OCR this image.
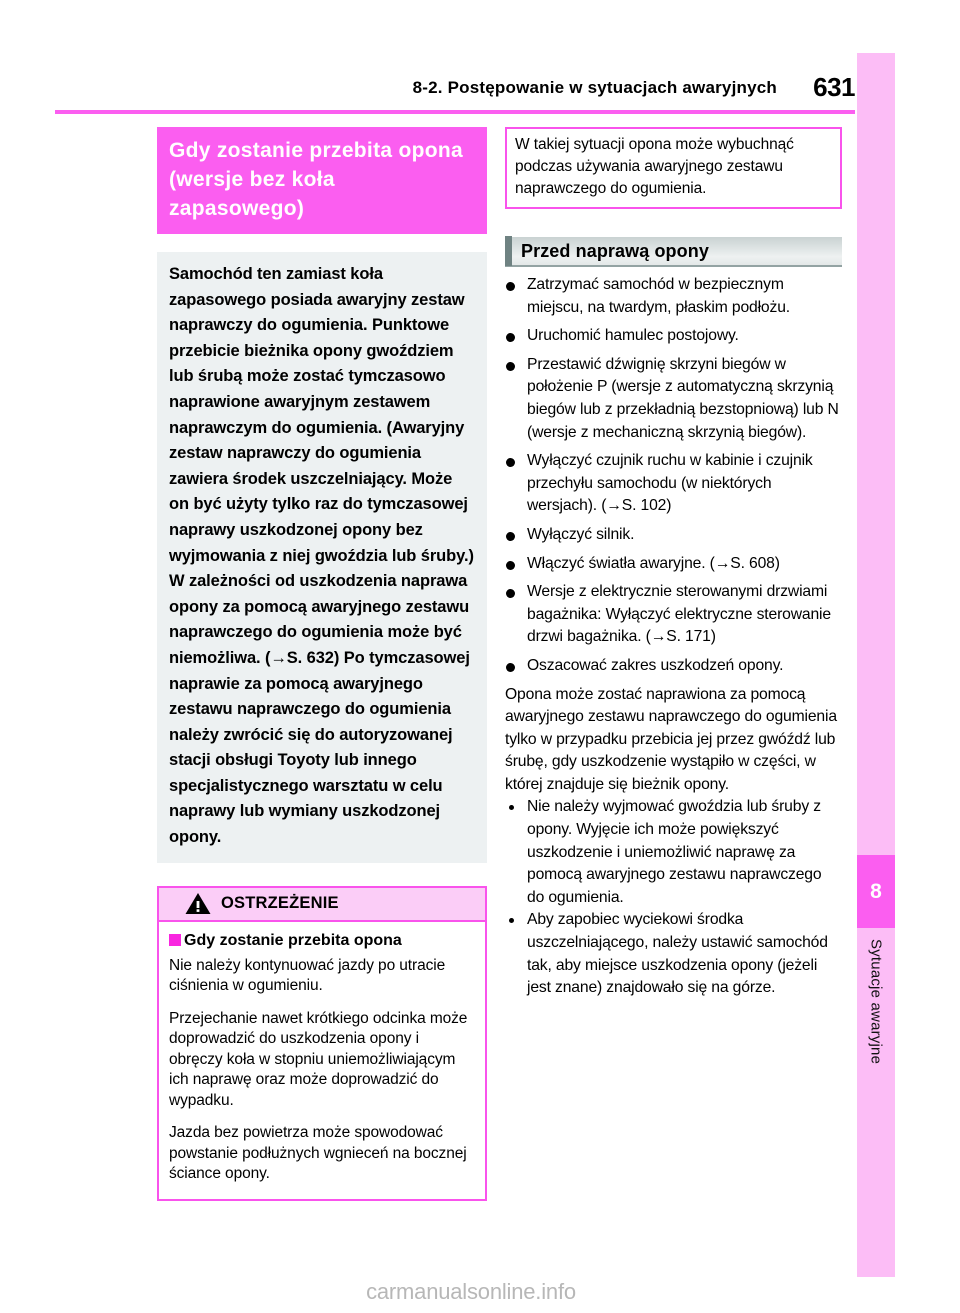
8
Sytuacje awaryjne
8-2. Postępowanie w sytuacjach awaryjnych 631
Gdy zostanie przebita opona (wersje bez koła zapasowego)

Samochód ten zamiast koła zapasowego posiada awaryjny zestaw naprawczy do ogumienia. Punktowe przebicie bieżnika opony gwoździem lub śrubą może zostać tymczasowo naprawione awaryjnym zestawem naprawczym do ogumienia. (Awaryjny zestaw naprawczy do ogumienia zawiera środek uszczelniający. Może on być użyty tylko raz do tymczasowej naprawy uszkodzonej opony bez wyjmowania z niej gwoździa lub śruby.) W zależności od uszkodzenia naprawa opony za pomocą awaryjnego zestawu naprawczego do ogumienia może być niemożliwa. (→S. 632) Po tymczasowej naprawie za pomocą awaryjnego zestawu naprawczego do ogumienia należy zwrócić się do autoryzowanej stacji obsługi Toyoty lub innego specjalistycznego warsztatu w celu naprawy lub wymiany uszkodzonej opony.

OSTRZEŻENIE
Gdy zostanie przebita opona

Nie należy kontynuować jazdy po utracie ciśnienia w ogumieniu.

Przejechanie nawet krótkiego odcinka może doprowadzić do uszkodzenia opony i obręczy koła w stopniu uniemożliwiającym ich naprawę oraz może doprowadzić do wypadku.

Jazda bez powietrza może spowodować powstanie podłużnych wgnieceń na bocznej ściance opony.

W takiej sytuacji opona może wybuchnąć podczas używania awaryjnego zestawu naprawczego do ogumienia.

Przed naprawą opony
Zatrzymać samochód w bezpiecznym miejscu, na twardym, płaskim podłożu.
Uruchomić hamulec postojowy.
Przestawić dźwignię skrzyni biegów w położenie P (wersje z automatyczną skrzynią biegów lub z przekładnią bezstopniową) lub N (wersje z mechaniczną skrzynią biegów).
Wyłączyć czujnik ruchu w kabinie i czujnik przechyłu samochodu (w niektórych wersjach). (→S. 102)
Wyłączyć silnik.
Włączyć światła awaryjne. (→S. 608)
Wersje z elektrycznie sterowanymi drzwiami bagażnika: Wyłączyć elektryczne sterowanie drzwi bagażnika. (→S. 171)
Oszacować zakres uszkodzeń opony.

Opona może zostać naprawiona za pomocą awaryjnego zestawu naprawczego do ogumienia tylko w przypadku przebicia jej przez gwóźdź lub śrubę, gdy uszkodzenie wystąpiło w części, w której znajduje się bieżnik opony.

Nie należy wyjmować gwoździa lub śruby z opony. Wyjęcie ich może powiększyć uszkodzenie i uniemożliwić naprawę za pomocą awaryjnego zestawu naprawczego do ogumienia.
Aby zapobiec wyciekowi środka uszczelniającego, należy ustawić samochód tak, aby miejsce uszkodzenia opony (jeżeli jest znane) znajdowało się na górze.
carmanualsonline.info
